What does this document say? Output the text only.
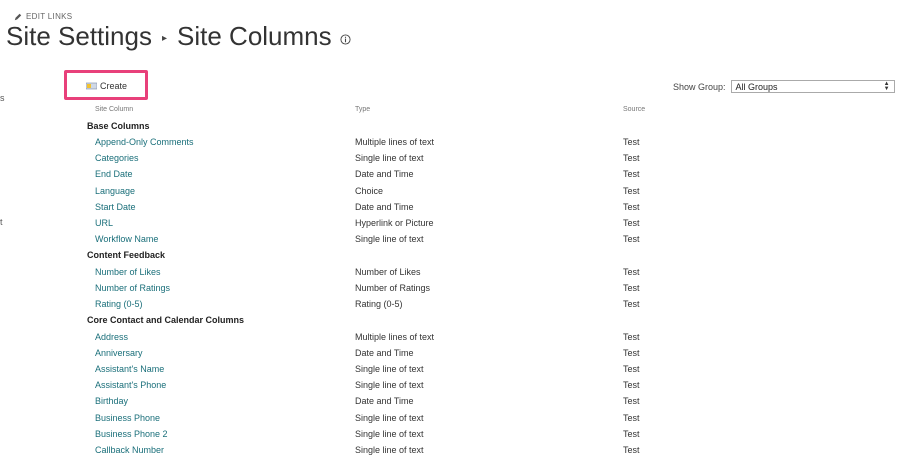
EDIT LINKS
Site Settings ▸ Site Columns
s
t
Create	Show Group: All Groups	▲
▼
Site Column	Type	Source
Base Columns
Append-Only Comments	Multiple lines of text	Test
Categories	Single line of text	Test
End Date	Date and Time	Test
Language	Choice	Test
Start Date	Date and Time	Test
URL	Hyperlink or Picture	Test
Workflow Name	Single line of text	Test
Content Feedback
Number of Likes	Number of Likes	Test
Number of Ratings	Number of Ratings	Test
Rating (0-5)	Rating (0-5)	Test
Core Contact and Calendar Columns
Address	Multiple lines of text	Test
Anniversary	Date and Time	Test
Assistant's Name	Single line of text	Test
Assistant's Phone	Single line of text	Test
Birthday	Date and Time	Test
Business Phone	Single line of text	Test
Business Phone 2	Single line of text	Test
Callback Number	Single line of text	Test
